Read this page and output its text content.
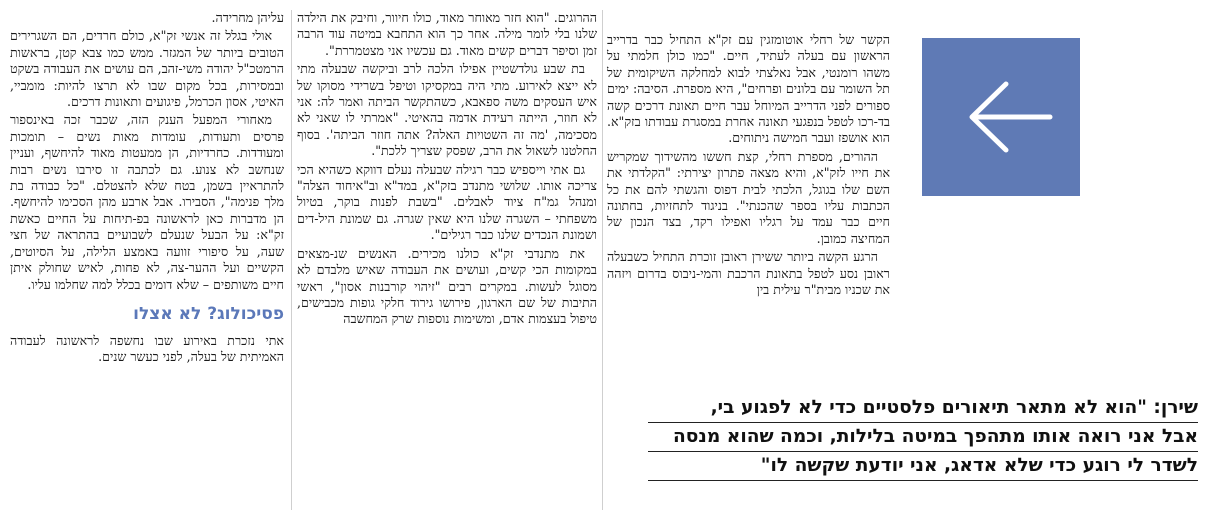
הקשר של רחלי אוטומזגין עם זק"א התחיל כבר בדרייב הראשון עם בעלה לעתיד, חיים. "כמו כולן חלמתי על משהו רומנטי, אבל נאלצתי לבוא למחלקה השיקומית של תל השומר עם בלונים ופרחים", היא מספרת. הסיבה: ימים ספורים לפני הדרייב המיוחל עבר חיים תאונת דרכים קשה בד-רכו לטפל בנפגעי תאונה אחרת במסגרת עבודתו בזק"א. הוא אושפז ועבר חמישה ניתוחים.

ההורים, מספרת רחלי, קצת חששו מהשידוך שמקריש את חייו לזק"א, והיא מצאה פתרון יצירתי: "הקלדתי את השם שלו בגוגל, הלכתי לבית דפוס והגשתי להם את כל הכתבות עליו בספר שהכנתי". בניגוד לתחזיות, בחתונה חיים כבר עמד על רגליו ואפילו רקד, בצד הנכון של המחיצה כמובן.

הרגע הקשה ביותר ששירן ראובן זוכרת התחיל כשבעלה ראובן נסע לטפל בתאונת הרכבת והמי-ניבוס בדרום ויזהה את שכניו מבית"ר עילית בין

ההרוגים. "הוא חזר מאוחר מאוד, כולו חיוור, וחיבק את הילדה שלנו בלי לומר מילה. אחר כך הוא התחבא במיטה עוד הרבה זמן וסיפר דברים קשים מאוד. גם עכשיו אני מצטמררת".

בת שבע גולדשטיין אפילו הלכה לרב וביקשה שבעלה מתי לא ייצא לאירוע. מתי היה במקסיקו וטיפל בשרידי מסוקו של איש העסקים משה ספאבא, כשהתקשר הביתה ואמר לה: אני לא חוזר, הייתה רעידת אדמה בהאיטי. "אמרתי לו שאני לא מסכימה, 'מה זה השטויות האלה? אתה חוזר הביתה'. בסוף החלטנו לשאול את הרב, שפסק שצריך ללכת".

גם אתי וייספיש כבר רגילה שבעלה נעלם דווקא כשהיא הכי צריכה אותו. שלושי מתנדב בזק"א, במד"א וב"איחוד הצלה" ומנהל גמ"ח ציוד לאבלים. "בשבת לפנות בוקר, בטיול משפחתי – השגרה שלנו היא שאין שגרה. גם שמונת היל-דים ושמונת הנכדים שלנו כבר רגילים".

את מתנדבי זק"א כולנו מכירים. האנשים שנ-מצאים במקומות הכי קשים, ועושים את העבודה שאיש מלבדם לא מסוגל לעשות. במקרים רבים "זיהוי קורבנות אסון", ראשי התיבות של שם הארגון, פירושו גירוד חלקי גופות מכבישים, טיפול בעצמות אדם, ומשימות נוספות שרק המחשבה

עליהן מחרידה.

אולי בגלל זה אנשי זק"א, כולם חרדים, הם השגרירים הטובים ביותר של המגזר. ממש כמו צבא קטן, בראשות הרמטכ"ל יהודה משי-זהב, הם עושים את העבודה בשקט ובמסירות, בכל מקום שבו לא תרצו להיות: מומביי, האיטי, אסון הכרמל, פיגועים ותאונות דרכים.

מאחורי המפעל הענק הזה, שכבר זכה באינספור פרסים ותעודות, עומדות מאות נשים – תומכות ומעודדות. כחרדיות, הן ממעטות מאוד להיחשף, ועניין שנחשב לא צנוע. גם לכתבה זו סירבו נשים רבות להתראיין בשמן, בטח שלא להצטלם. "כל כבודה בת מלך פנימה", הסבירו. אבל ארבע מהן הסכימו להיחשף. הן מדברות כאן לראשונה בפ-תיחות על החיים כאשת זק"א: על הבעל שנעלם לשבועיים בהתראה של חצי שעה, על סיפורי זוועה באמצע הלילה, על הסיוטים, הקשיים ועל ההער-צה, לא פחות, לאיש שחולק איתן חיים משותפים – שלא דומים בכלל למה שחלמו עליו.

פסיכולוג? לא אצלו

אתי נזכרת באירוע שבו נחשפה לראשונה לעבודה האמיתית של בעלה, לפני כעשר שנים.

שירן: "הוא לא מתאר תיאורים פלסטיים כדי לא לפגוע בי,
אבל אני רואה אותו מתהפך במיטה בלילות, וכמה שהוא מנסה
לשדר לי רוגע כדי שלא אדאג, אני יודעת שקשה לו"
